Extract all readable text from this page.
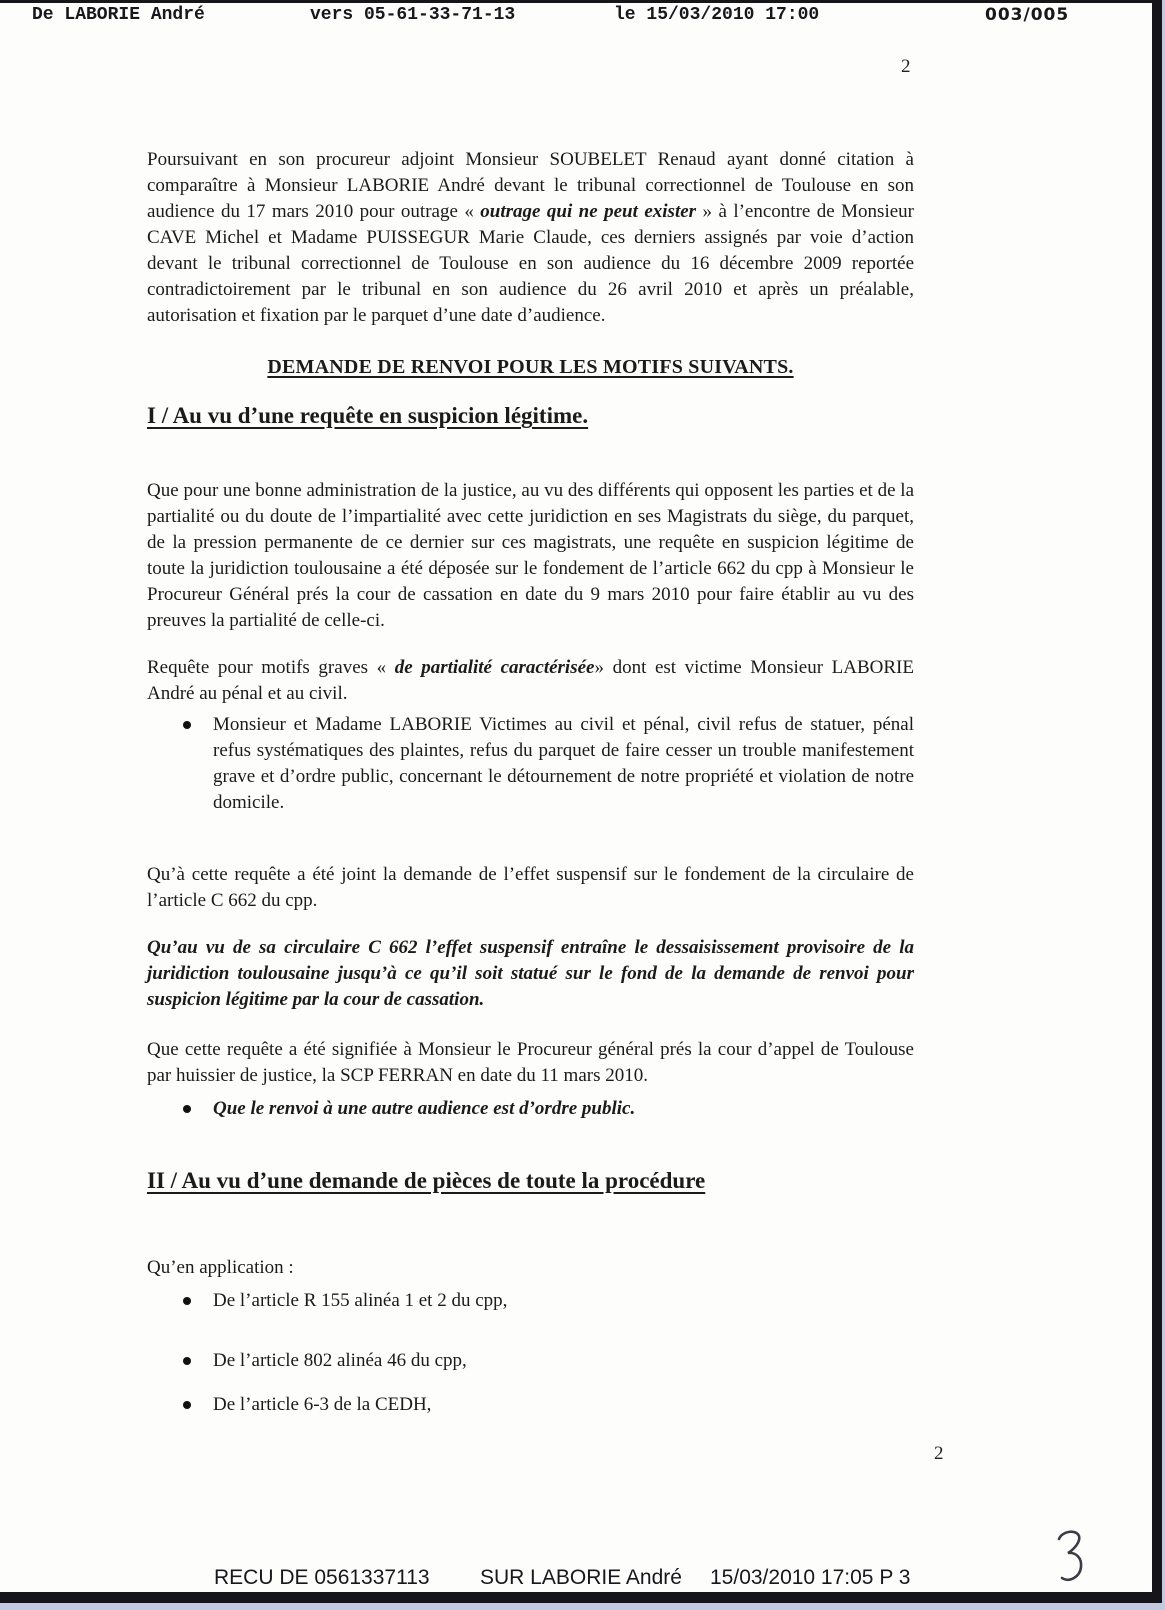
De LABORIE André	vers 05-61-33-71-13	le 15/03/2010 17:00	003/005
2

Poursuivant en son procureur adjoint Monsieur SOUBELET Renaud ayant donné citation à comparaître à Monsieur LABORIE André devant le tribunal correctionnel de Toulouse en son audience du 17 mars 2010 pour outrage « outrage qui ne peut exister » à l’encontre de Monsieur CAVE Michel et Madame PUISSEGUR Marie Claude, ces derniers assignés par voie d’action devant le tribunal correctionnel de Toulouse en son audience du 16 décembre 2009 reportée contradictoirement par le tribunal en son audience du 26 avril 2010 et après un préalable, autorisation et fixation par le parquet d’une date d’audience.

DEMANDE DE RENVOI POUR LES MOTIFS SUIVANTS.
I / Au vu d’une requête en suspicion légitime.

Que pour une bonne administration de la justice, au vu des différents qui opposent les parties et de la partialité ou du doute de l’impartialité avec cette juridiction en ses Magistrats du siège, du parquet, de la pression permanente de ce dernier sur ces magistrats, une requête en suspicion légitime de toute la juridiction toulousaine a été déposée sur le fondement de l’article 662 du cpp à Monsieur le Procureur Général prés la cour de cassation en date du 9 mars 2010 pour faire établir au vu des preuves la partialité de celle-ci.

Requête pour motifs graves « de partialité caractérisée» dont est victime Monsieur LABORIE André au pénal et au civil.

Monsieur et Madame LABORIE Victimes au civil et pénal, civil refus de statuer, pénal refus systématiques des plaintes, refus du parquet de faire cesser un trouble manifestement grave et d’ordre public, concernant le détournement de notre propriété et violation de notre domicile.

Qu’à cette requête a été joint la demande de l’effet suspensif sur le fondement de la circulaire de l’article C 662 du cpp.

Qu’au vu de sa circulaire C 662 l’effet suspensif entraîne le dessaisissement provisoire de la juridiction toulousaine jusqu’à ce qu’il soit statué sur le fond de la demande de renvoi pour suspicion légitime par la cour de cassation.

Que cette requête a été signifiée à Monsieur le Procureur général prés la cour d’appel de Toulouse par huissier de justice, la SCP FERRAN en date du 11 mars 2010.

Que le renvoi à une autre audience est d’ordre public.
II / Au vu d’une demande de pièces de toute la procédure

Qu’en application :

De l’article R 155 alinéa 1 et 2 du cpp,
De l’article 802 alinéa 46 du cpp,
De l’article 6-3 de la CEDH,
2
RECU DE 0561337113 SUR LABORIE André 15/03/2010 17:05 P 3
